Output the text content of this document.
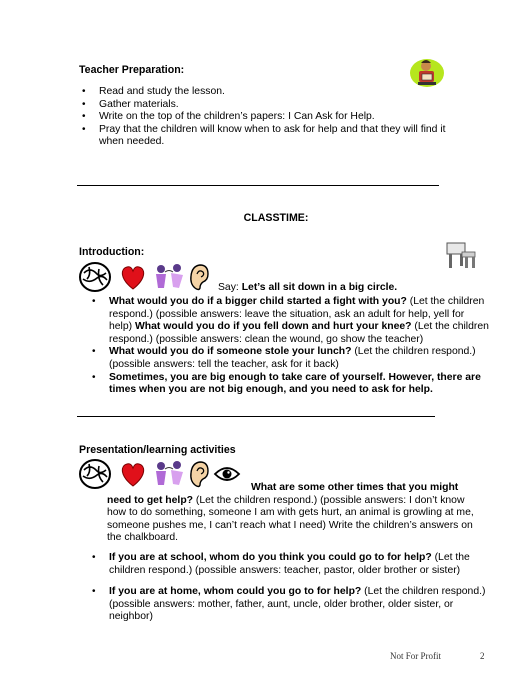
Teacher Preparation:
• Read and study the lesson.
• Gather materials.
• Write on the top of the children’s papers: I Can Ask for Help.
• Pray that the children will know when to ask for help and that they will find it when needed.
CLASSTIME:
Introduction:
Say: Let’s all sit down in a big circle.
• What would you do if a bigger child started a fight with you? (Let the children respond.) (possible answers: leave the situation, ask an adult for help, yell for help) What would you do if you fell down and hurt your knee? (Let the children respond.) (possible answers: clean the wound, go show the teacher)
• What would you do if someone stole your lunch? (Let the children respond.) (possible answers: tell the teacher, ask for it back)
• Sometimes, you are big enough to take care of yourself. However, there are times when you are not big enough, and you need to ask for help.
Presentation/learning activities
What are some other times that you might need to get help? (Let the children respond.) (possible answers: I don’t know how to do something, someone I am with gets hurt, an animal is growling at me, someone pushes me, I can’t reach what I need) Write the children’s answers on the chalkboard.
• If you are at school, whom do you think you could go to for help? (Let the children respond.) (possible answers: teacher, pastor, older brother or sister)
• If you are at home, whom could you go to for help? (Let the children respond.) (possible answers: mother, father, aunt, uncle, older brother, older sister, or neighbor)
Not For Profit	2
